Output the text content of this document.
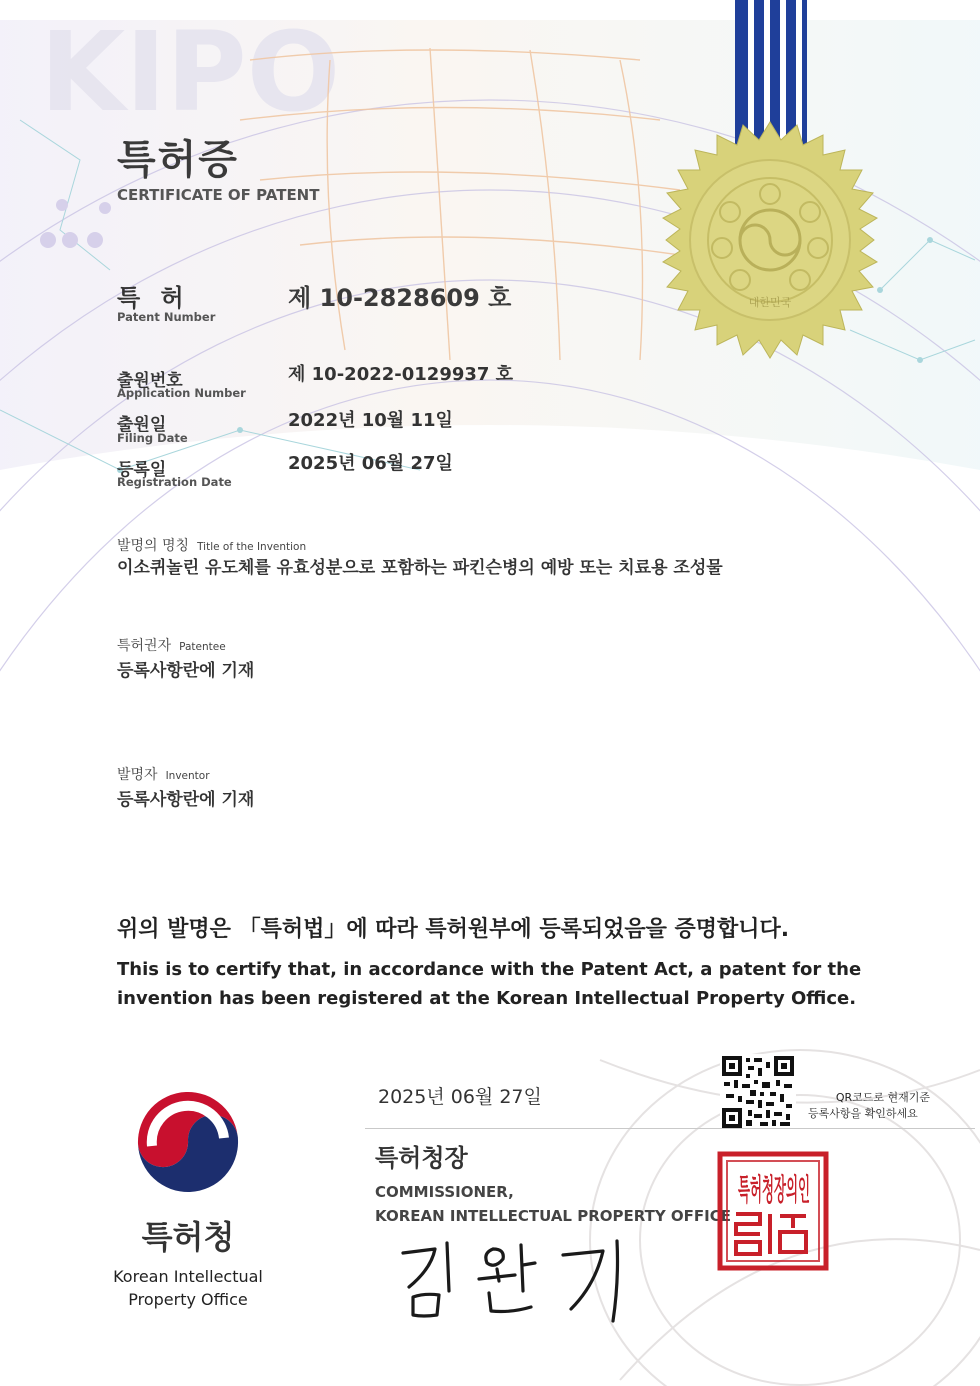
KIPO
대한민국
특허증
CERTIFICATE OF PATENT
특 허
Patent Number
제 10-2828609 호
출원번호
Application Number
제 10-2022-0129937 호
출원일
Filing Date
2022년 10월 11일
등록일
Registration Date
2025년 06월 27일
발명의 명칭 Title of the Invention
이소퀴놀린 유도체를 유효성분으로 포함하는 파킨슨병의 예방 또는 치료용 조성물
특허권자 Patentee
등록사항란에 기재
발명자 Inventor
등록사항란에 기재
위의 발명은 「특허법」에 따라 특허원부에 등록되었음을 증명합니다.
This is to certify that, in accordance with the Patent Act, a patent for the invention has been registered at the Korean Intellectual Property Office.
2025년 06월 27일	QR코드로 현재기준
등록사항을 확인하세요
특허청장
COMMISSIONER,
KOREAN INTELLECTUAL PROPERTY OFFICE
특허청장의인
특허청
Korean Intellectual
Property Office
